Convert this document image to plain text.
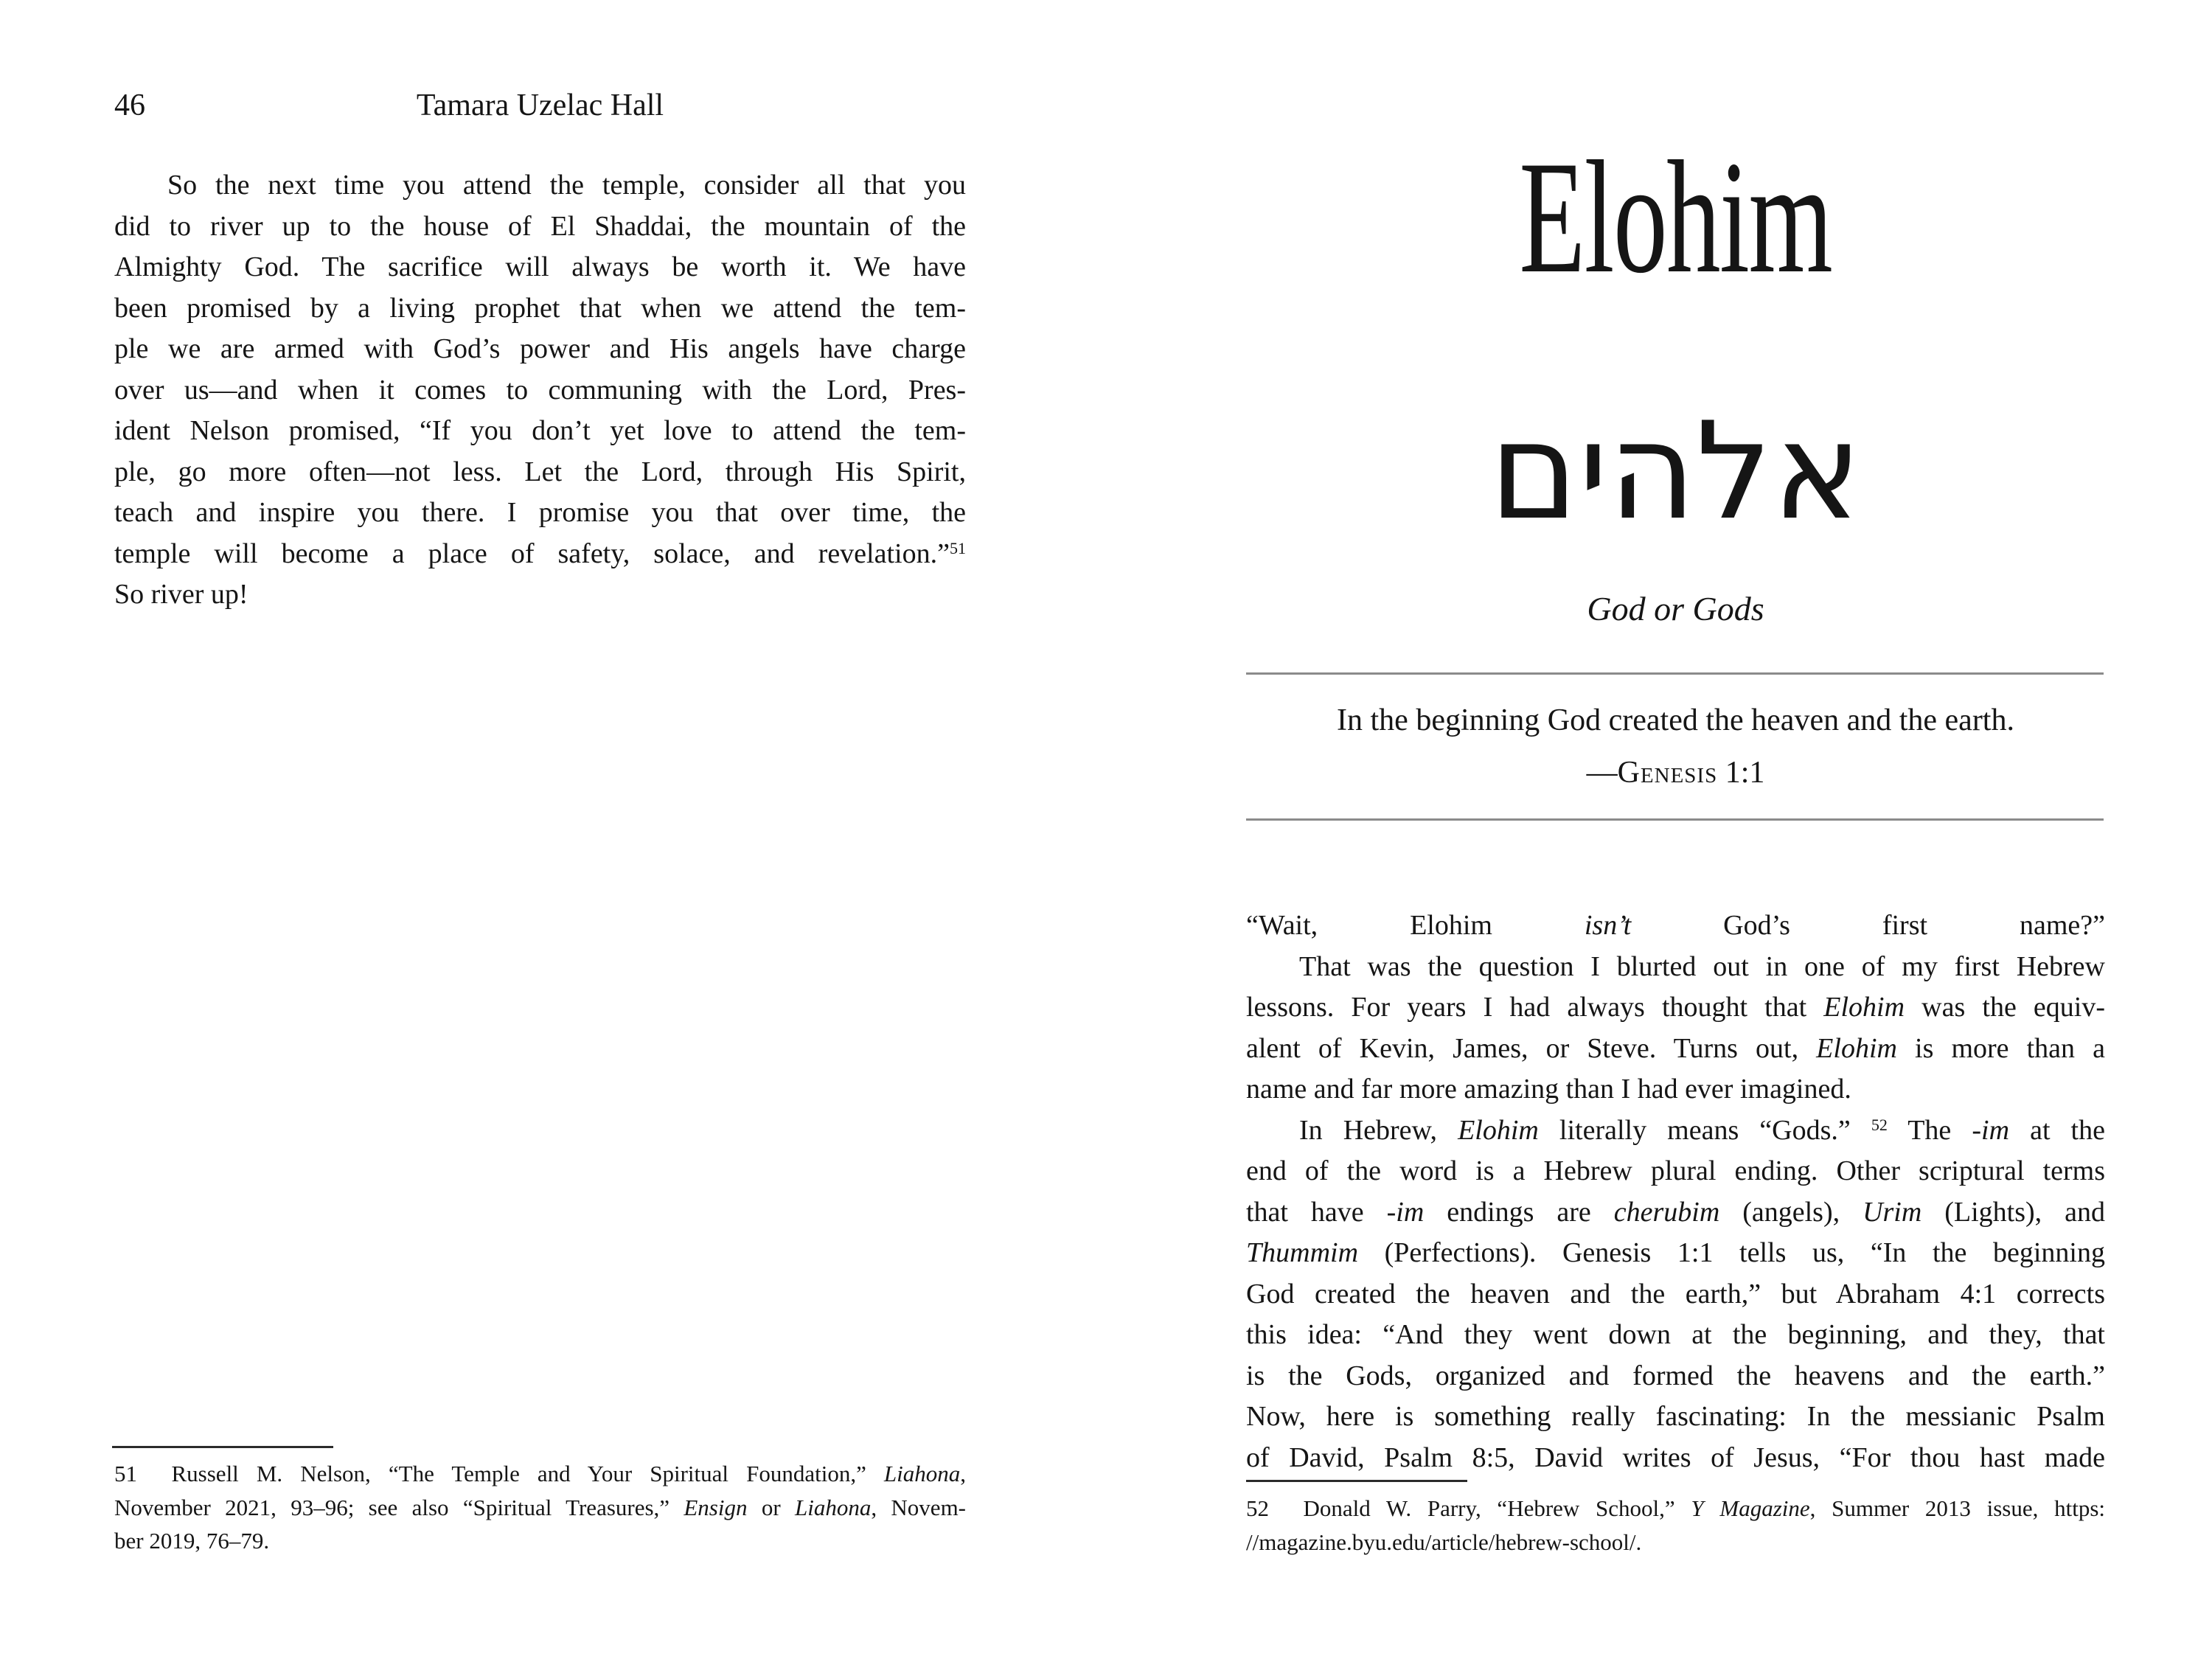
46	Tamara Uzelac Hall
So the next time you attend the temple, consider all that you
did to river up to the house of El Shaddai, the mountain of the
Almighty God. The sacrifice will always be worth it. We have
been promised by a living prophet that when we attend the tem-
ple we are armed with God’s power and His angels have charge
over us—and when it comes to communing with the Lord, Pres-
ident Nelson promised, “If you don’t yet love to attend the tem-
ple, go more often—not less. Let the Lord, through His Spirit,
teach and inspire you there. I promise you that over time, the
temple will become a place of safety, solace, and revelation.”$^{51}$
So river up!
51  Russell M. Nelson, “The Temple and Your Spiritual Foundation,” Liahona,
November 2021, 93–96; see also “Spiritual Treasures,” Ensign or Liahona, Novem-
ber 2019, 76–79.
Elohim
אלהים
God or Gods
In the beginning God created the heaven and the earth.
—Genesis 1:1
“Wait, Elohim isn’t God’s first name?”
That was the question I blurted out in one of my first Hebrew
lessons. For years I had always thought that Elohim was the equiv-
alent of Kevin, James, or Steve. Turns out, Elohim is more than a
name and far more amazing than I had ever imagined.
In Hebrew, Elohim literally means “Gods.” $^{52}$ The -im at the
end of the word is a Hebrew plural ending. Other scriptural terms
that have -im endings are cherubim (angels), Urim (Lights), and
Thummim (Perfections). Genesis 1:1 tells us, “In the beginning
God created the heaven and the earth,” but Abraham 4:1 corrects
this idea: “And they went down at the beginning, and they, that
is the Gods, organized and formed the heavens and the earth.”
Now, here is something really fascinating: In the messianic Psalm
of David, Psalm 8:5, David writes of Jesus, “For thou hast made
52  Donald W. Parry, “Hebrew School,” Y Magazine, Summer 2013 issue, https:
//magazine.byu.edu/article/hebrew-school/.
